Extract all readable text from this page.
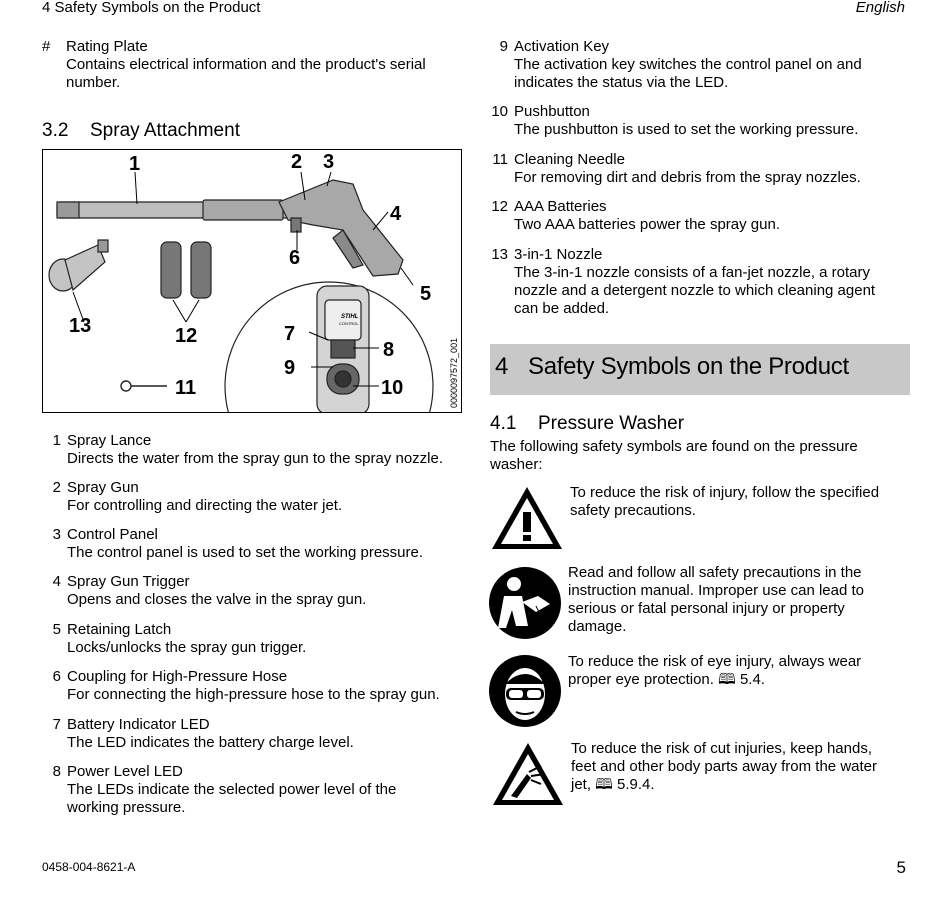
4 Safety Symbols on the Product	English
# Rating Plate
Contains electrical information and the product's serial
number.
3.2 Spray Attachment
STIHL
CONTROL
1	2 3
4
5
6
7
8
9
10
11
12
13
0000097572_001
1 Spray Lance
Directs the water from the spray gun to the spray nozzle.
2 Spray Gun
For controlling and directing the water jet.
3 Control Panel
The control panel is used to set the working pressure.
4 Spray Gun Trigger
Opens and closes the valve in the spray gun.
5 Retaining Latch
Locks/unlocks the spray gun trigger.
6 Coupling for High-Pressure Hose
For connecting the high-pressure hose to the spray gun.
7 Battery Indicator LED
The LED indicates the battery charge level.
8 Power Level LED
The LEDs indicate the selected power level of the
working pressure.
9 Activation Key
The activation key switches the control panel on and
indicates the status via the LED.
10 Pushbutton
The pushbutton is used to set the working pressure.
11 Cleaning Needle
For removing dirt and debris from the spray nozzles.
12 AAA Batteries
Two AAA batteries power the spray gun.
13 3-in-1 Nozzle
The 3-in-1 nozzle consists of a fan-jet nozzle, a rotary
nozzle and a detergent nozzle to which cleaning agent
can be added.
4 Safety Symbols on the Product
4.1 Pressure Washer
The following safety symbols are found on the pressure
washer:
To reduce the risk of injury, follow the specified
safety precautions.
Read and follow all safety precautions in the
instruction manual. Improper use can lead to
serious or fatal personal injury or property
damage.
To reduce the risk of eye injury, always wear
proper eye protection. 🕮 5.4.
To reduce the risk of cut injuries, keep hands,
feet and other body parts away from the water
jet, 🕮 5.9.4.
0458-004-8621-A	5
